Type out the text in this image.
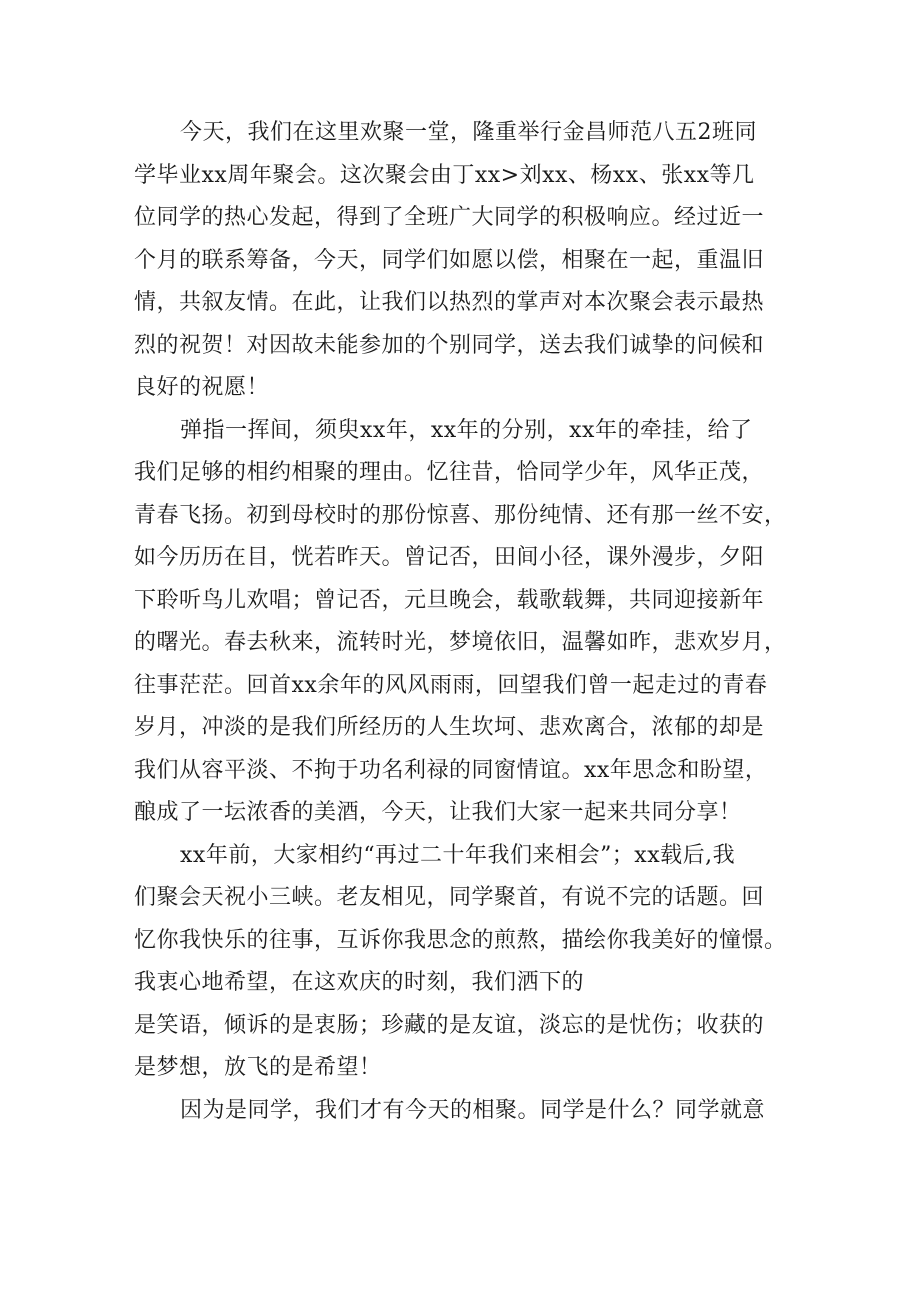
今天，我们在这里欢聚一堂，隆重举行金昌师范八五2班同
学毕业xx周年聚会。这次聚会由丁xx>刘xx、杨xx、张xx等几
位同学的热心发起，得到了全班广大同学的积极响应。经过近一
个月的联系筹备，今天，同学们如愿以偿，相聚在一起，重温旧
情，共叙友情。在此，让我们以热烈的掌声对本次聚会表示最热
烈的祝贺！对因故未能参加的个别同学，送去我们诚挚的问候和
良好的祝愿！
弹指一挥间，须臾xx年，xx年的分别，xx年的牵挂，给了
我们足够的相约相聚的理由。忆往昔，恰同学少年，风华正茂，
青春飞扬。初到母校时的那份惊喜、那份纯情、还有那一丝不安，
如今历历在目，恍若昨天。曾记否，田间小径，课外漫步，夕阳
下聆听鸟儿欢唱；曾记否，元旦晚会，载歌载舞，共同迎接新年
的曙光。春去秋来，流转时光，梦境依旧，温馨如昨，悲欢岁月，
往事茫茫。回首xx余年的风风雨雨，回望我们曾一起走过的青春
岁月，冲淡的是我们所经历的人生坎坷、悲欢离合，浓郁的却是
我们从容平淡、不拘于功名利禄的同窗情谊。xx年思念和盼望，
酿成了一坛浓香的美酒，今天，让我们大家一起来共同分享！
xx年前，大家相约“再过二十年我们来相会”；xx载后,我
们聚会天祝小三峡。老友相见，同学聚首，有说不完的话题。回
忆你我快乐的往事，互诉你我思念的煎熬，描绘你我美好的憧憬。
我衷心地希望，在这欢庆的时刻，我们洒下的
是笑语，倾诉的是衷肠；珍藏的是友谊，淡忘的是忧伤；收获的
是梦想，放飞的是希望！
因为是同学，我们才有今天的相聚。同学是什么？同学就意
